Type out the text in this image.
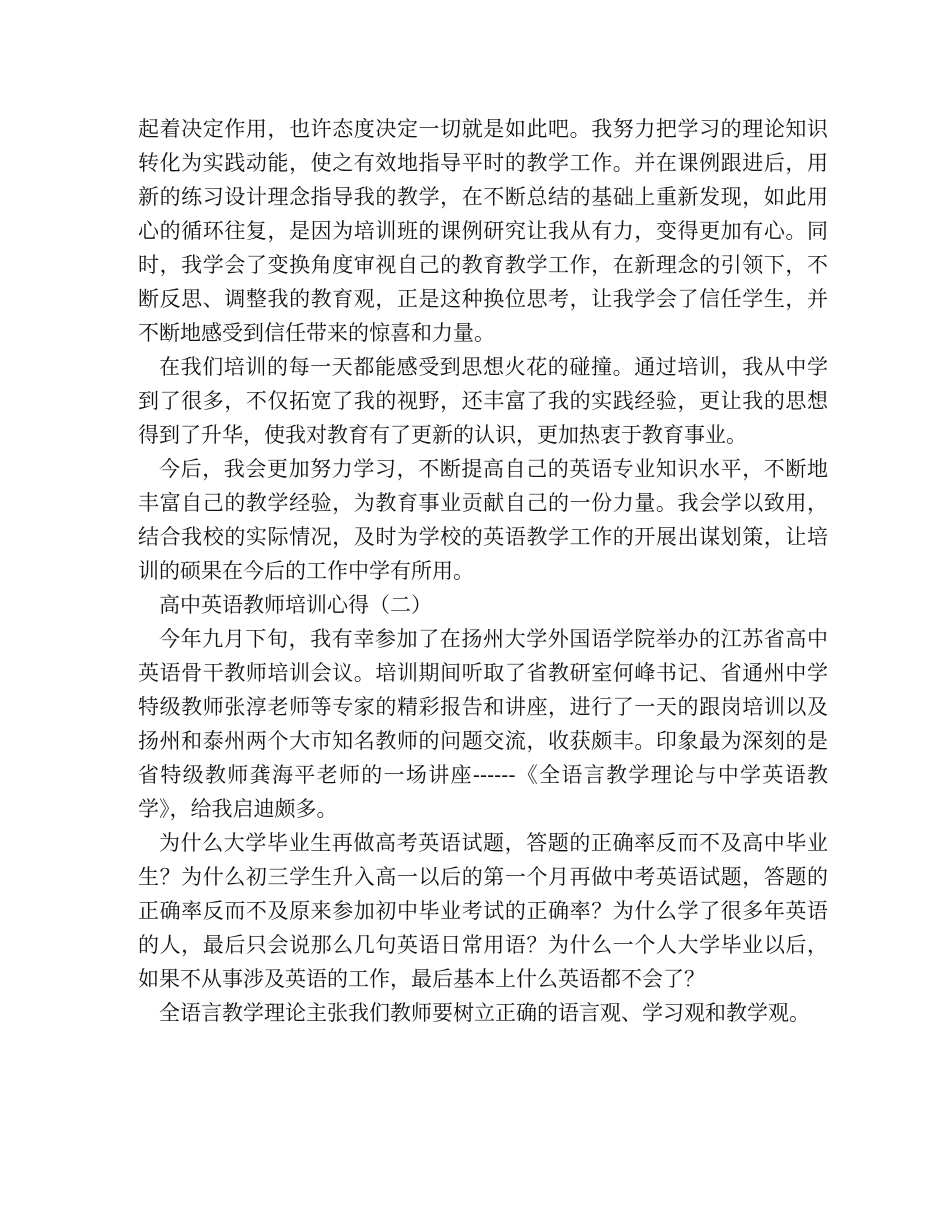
起着决定作用，也许态度决定一切就是如此吧。我努力把学习的理论知识转化为实践动能，使之有效地指导平时的教学工作。并在课例跟进后，用新的练习设计理念指导我的教学，在不断总结的基础上重新发现，如此用心的循环往复，是因为培训班的课例研究让我从有力，变得更加有心。同时，我学会了变换角度审视自己的教育教学工作，在新理念的引领下，不断反思、调整我的教育观，正是这种换位思考，让我学会了信任学生，并不断地感受到信任带来的惊喜和力量。

在我们培训的每一天都能感受到思想火花的碰撞。通过培训，我从中学到了很多，不仅拓宽了我的视野，还丰富了我的实践经验，更让我的思想得到了升华，使我对教育有了更新的认识，更加热衷于教育事业。

今后，我会更加努力学习，不断提高自己的英语专业知识水平，不断地丰富自己的教学经验，为教育事业贡献自己的一份力量。我会学以致用，结合我校的实际情况，及时为学校的英语教学工作的开展出谋划策，让培训的硕果在今后的工作中学有所用。

高中英语教师培训心得（二）

今年九月下旬，我有幸参加了在扬州大学外国语学院举办的江苏省高中英语骨干教师培训会议。培训期间听取了省教研室何峰书记、省通州中学特级教师张淳老师等专家的精彩报告和讲座，进行了一天的跟岗培训以及扬州和泰州两个大市知名教师的问题交流，收获颇丰。印象最为深刻的是省特级教师龚海平老师的一场讲座------《全语言教学理论与中学英语教学》，给我启迪颇多。

为什么大学毕业生再做高考英语试题，答题的正确率反而不及高中毕业生？为什么初三学生升入高一以后的第一个月再做中考英语试题，答题的正确率反而不及原来参加初中毕业考试的正确率？为什么学了很多年英语的人，最后只会说那么几句英语日常用语？为什么一个人大学毕业以后，如果不从事涉及英语的工作，最后基本上什么英语都不会了？

全语言教学理论主张我们教师要树立正确的语言观、学习观和教学观。
